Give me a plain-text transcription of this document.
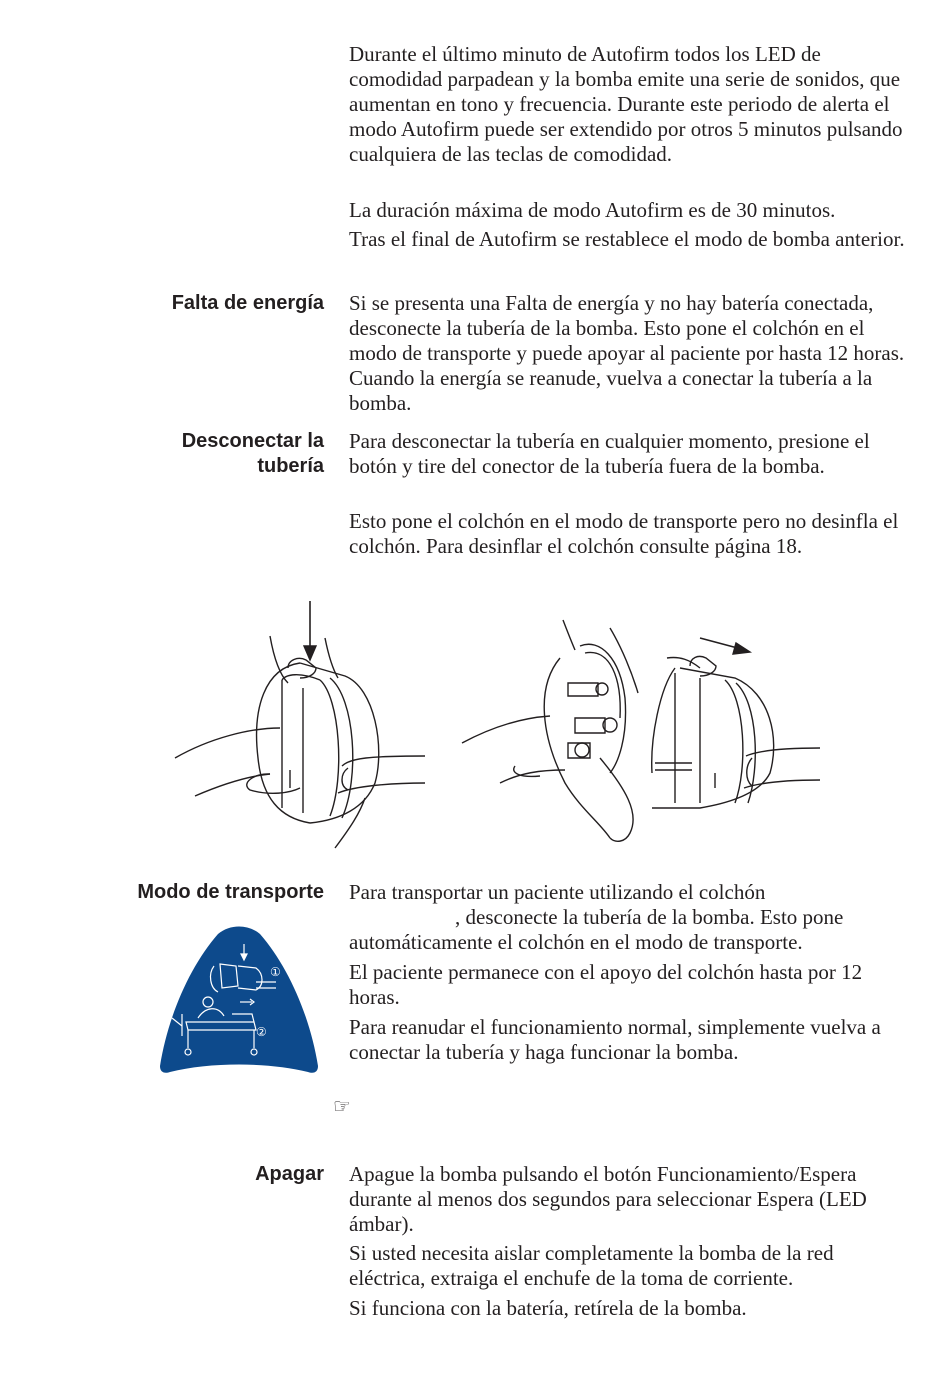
Durante el último minuto de Autofirm todos los LED de comodidad parpadean y la bomba emite una serie de sonidos, que aumentan en tono y frecuencia. Durante este periodo de alerta el modo Autofirm puede ser extendido por otros 5 minutos pulsando cualquiera de las teclas de comodidad.

La duración máxima de modo Autofirm es de 30 minutos.

Tras el final de Autofirm se restablece el modo de bomba anterior.

Falta de energía Si se presenta una Falta de energía y no hay batería conectada, desconecte la tubería de la bomba. Esto pone el colchón en el modo de transporte y puede apoyar al paciente por hasta 12 horas. Cuando la energía se reanude, vuelva a conectar la tubería a la bomba.

Desconectar la
tubería

Para desconectar la tubería en cualquier momento, presione el botón y tire del conector de la tubería fuera de la bomba.

Esto pone el colchón en el modo de transporte pero no desinfla el colchón. Para desinflar el colchón consulte página 18.

Modo de transporte Para transportar un paciente utilizando el colchón
, desconecte la tubería de la bomba. Esto pone automáticamente el colchón en el modo de transporte.

El paciente permanece con el apoyo del colchón hasta por 12 horas.

Para reanudar el funcionamiento normal, simplemente vuelva a conectar la tubería y haga funcionar la bomba.

①
②
☞

Apagar Apague la bomba pulsando el botón Funcionamiento/Espera durante al menos dos segundos para seleccionar Espera (LED ámbar).

Si usted necesita aislar completamente la bomba de la red eléctrica, extraiga el enchufe de la toma de corriente.

Si funciona con la batería, retírela de la bomba.
